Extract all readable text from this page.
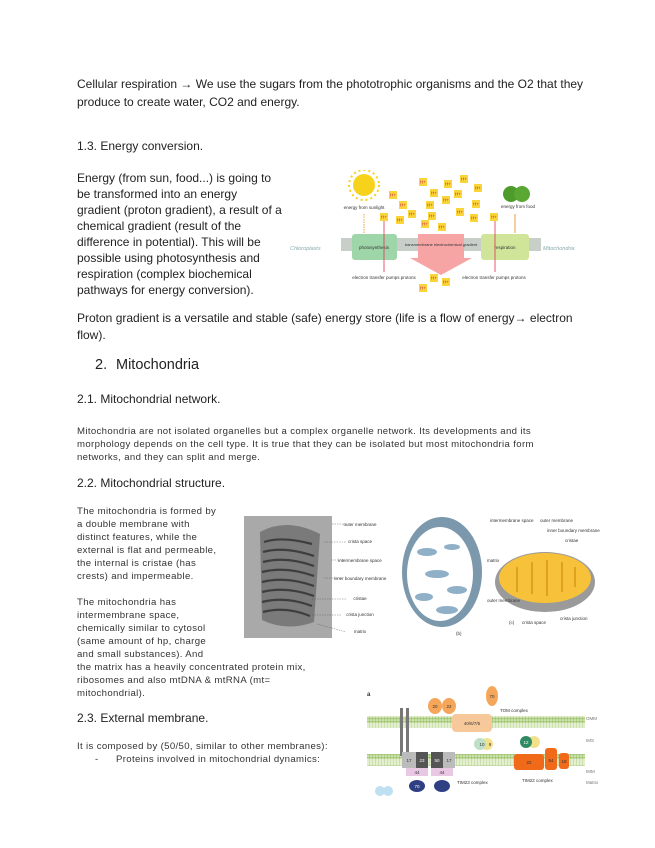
Cellular respiration → We use the sugars from the phototrophic organisms and the O2 that they
produce to create water, CO2 and energy.
1.3. Energy conversion.
Energy (from sun, food...) is going to
be transformed into an energy
gradient (proton gradient), a result of a
chemical gradient (result of the
difference in potential). This will be
possible using photosynthesis and
respiration (complex biochemical
pathways for energy conversion).
energy from sunlight	energy from food
photosynthesis	respiration
transmembrane electrochemical gradient
Chloroplasts	Mitochondria
electron transfer pumps protons	electron transfer pumps protons
H+	H+
H+
H+	H+	H+
H+
H+	H+
H+
H+
H+	H+
H+
H+
H+
H+
H+
H+	H+
H+
H+
H+
Proton gradient is a versatile and stable (safe) energy store (life is a flow of energy→ electron
flow).
2. Mitochondria
2.1. Mitochondrial network.
Mitochondria are not isolated organelles but a complex organelle network. Its developments and its
morphology depends on the cell type. It is true that they can be isolated but most mitochondria form
networks, and they can split and merge.
2.2. Mitochondrial structure.
The mitochondria is formed by
a double membrane with
distinct features, while the
external is flat and permeable,
the internal is cristae (has
crests) and impermeable.
The mitochondria has
intermembrane space,
chemically similar to cytosol
(same amount of hp, charge
and small substances). And
the matrix has a heavily concentrated protein mix,
ribosomes and also mtDNA & mtRNA (mt=
mitochondrial).
outer membrane
crista space
intermembrane space
inner boundary membrane
cristae
crista junction
matrix	(b)
matrix
outer membrane
intermembrane space outer membrane
inner boundary membrane
cristae
crista junction
crista space
(c)
2.3. External membrane.
It is composed by (50/50, similar to other membranes):
- Proteins involved in mitochondrial dynamics:
a
OMM
IMS
IMM
Matrix
40/6/7/5
20 22
70
TOM complex
10 9	12
17 23 50 17
44	44
70
TIM23 complex
22	54 18
TIM22 complex
